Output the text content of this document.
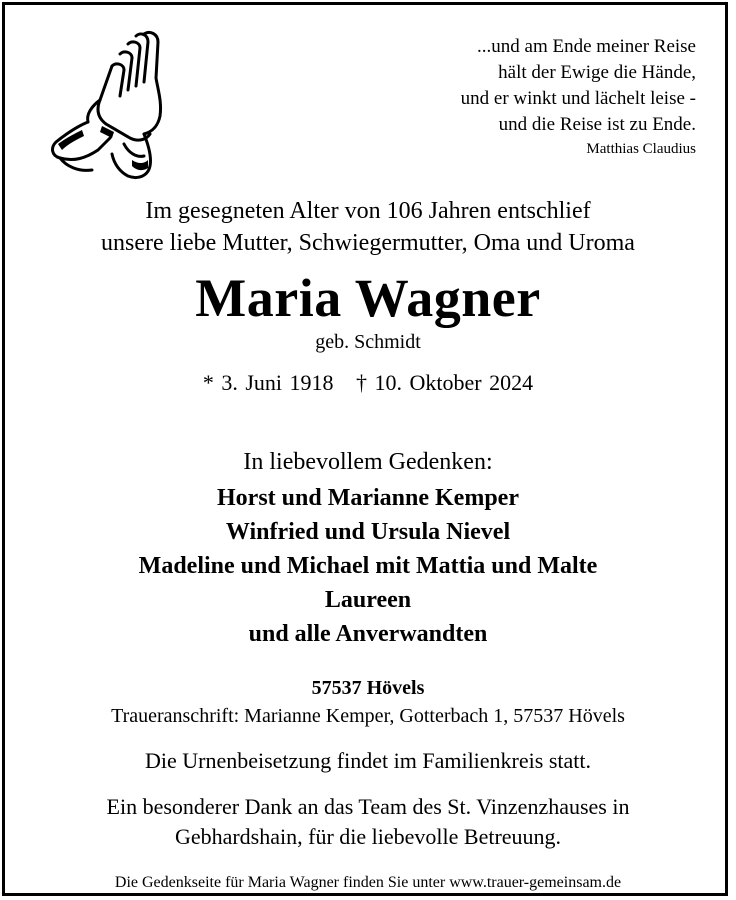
...und am Ende meiner Reise
hält der Ewige die Hände,
und er winkt und lächelt leise -
und die Reise ist zu Ende.
Matthias Claudius
Im gesegneten Alter von 106 Jahren entschlief
unsere liebe Mutter, Schwiegermutter, Oma und Uroma
Maria Wagner
geb. Schmidt
* 3. Juni 1918   † 10. Oktober 2024
In liebevollem Gedenken:
Horst und Marianne Kemper
Winfried und Ursula Nievel
Madeline und Michael mit Mattia und Malte
Laureen
und alle Anverwandten
57537 Hövels
Traueranschrift: Marianne Kemper, Gotterbach 1, 57537 Hövels
Die Urnenbeisetzung findet im Familienkreis statt.
Ein besonderer Dank an das Team des St. Vinzenzhauses in
Gebhardshain, für die liebevolle Betreuung.
Die Gedenkseite für Maria Wagner finden Sie unter www.trauer-gemeinsam.de
